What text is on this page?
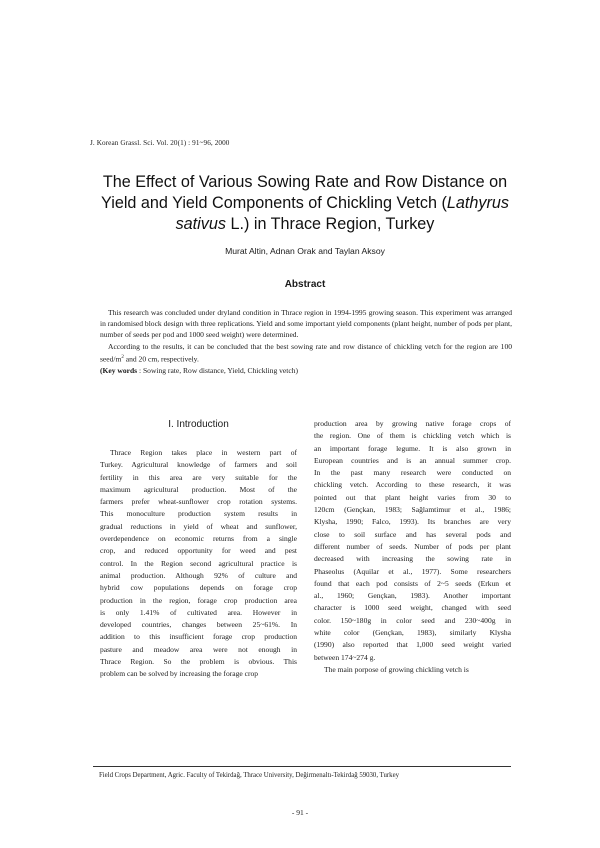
J. Korean Grassl. Sci. Vol. 20(1) : 91~96, 2000
The Effect of Various Sowing Rate and Row Distance on
Yield and Yield Components of Chickling Vetch (Lathyrus
sativus L.) in Thrace Region, Turkey
Murat Altin, Adnan Orak and Taylan Aksoy
Abstract

This research was concluded under dryland condition in Thrace region in 1994-1995 growing season. This experiment was arranged in randomised block design with three replications. Yield and some important yield components (plant height, number of pods per plant, number of seeds per pod and 1000 seed weight) were determined.

According to the results, it can be concluded that the best sowing rate and row distance of chickling vetch for the region are 100 seed/$m^2$ and 20 cm, respectively.

(Key words : Sowing rate, Row distance, Yield, Chickling vetch)

I. Introduction

Thrace Region takes place in western part of
Turkey. Agricultural knowledge of farmers and soil
fertility in this area are very suitable for the
maximum agricultural production. Most of the
farmers prefer wheat-sunflower crop rotation systems.
This monoculture production system results in
gradual reductions in yield of wheat and sunflower,
overdependence on economic returns from a single
crop, and reduced opportunity for weed and pest
control. In the Region second agricultural practice is
animal production. Although 92% of culture and
hybrid cow populations depends on forage crop
production in the region, forage crop production area
is only 1.41% of cultivated area. However in
developed countries, changes between 25~61%. In
addition to this insufficient forage crop production
pasture and meadow area were not enough in
Thrace Region. So the problem is obvious. This
problem can be solved by increasing the forage crop

production area by growing native forage crops of
the region. One of them is chickling vetch which is
an important forage legume. It is also grown in
European countries and is an annual summer crop.
In the past many research were conducted on
chickling vetch. According to these research, it was
pointed out that plant height varies from 30 to
120cm (Gençkan, 1983; Sağlamtimur et al., 1986;
Klysha, 1990; Falco, 1993). Its branches are very
close to soil surface and has several pods and
different number of seeds. Number of pods per plant
decreased with increasing the sowing rate in
Phaseolus (Aquilar et al., 1977). Some researchers
found that each pod consists of 2~5 seeds (Erkun et
al., 1960; Gençkan, 1983). Another important
character is 1000 seed weight, changed with seed
color. 150~180g in color seed and 230~400g in
white color (Gençkan, 1983), similarly Klysha
(1990) also reported that 1,000 seed weight varied
between 174~274 g.
The main porpose of growing chickling vetch is

Field Crops Department, Agric. Faculty of Tekirdağ, Thrace University, Değirmenaltı-Tekirdağ 59030, Turkey
- 91 -
